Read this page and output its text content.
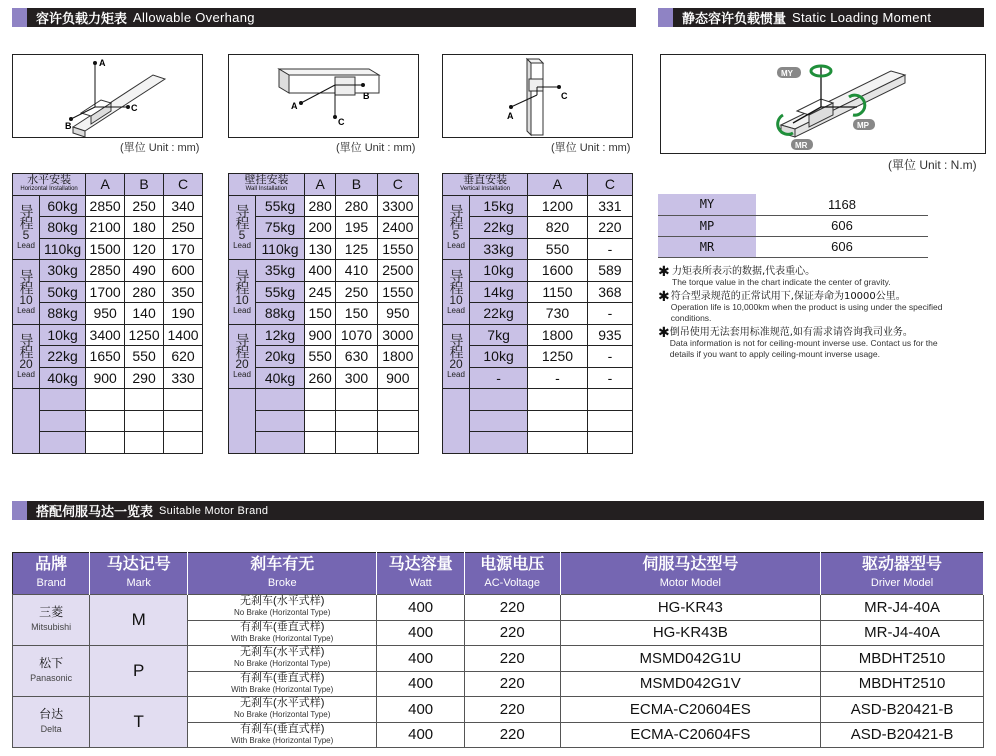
容许负载力矩表 Allowable Overhang	静态容许负载惯量 Static Loading Moment
搭配伺服马达一览表 Suitable Motor Brand
A
C
B
(單位 Unit : mm)
C
B
A
(單位 Unit : mm)
C
A
(單位 Unit : mm)
MY
MP
MR
(單位 Unit : N.m)
水平安装
Horizontal Installation		A	B	C
导程
5
Lead	60kg	2850	250	340
	80kg	2100	180	250
	110kg	1500	120	170
导程
10
Lead	30kg	2850	490	600
	50kg	1700	280	350
	88kg	950	140	190
导程
20
Lead	10kg	3400	1250	1400
	22kg	1650	550	620
	40kg	900	290	330

壁挂安装
Wall Installation		A	B	C
导程
5
Lead	55kg	280	280	3300
	75kg	200	195	2400
	110kg	130	125	1550
导程
10
Lead	35kg	400	410	2500
	55kg	245	250	1550
	88kg	150	150	950
导程
20
Lead	12kg	900	1070	3000
	20kg	550	630	1800
	40kg	260	300	900

垂直安装
Vertical Installation		A	C
导程
5
Lead	15kg	1200	331
	22kg	820	220
	33kg	550	-
导程
10
Lead	10kg	1600	589
	14kg	1150	368
	22kg	730	-
导程
20
Lead	7kg	1800	935
	10kg	1250	-
	-	-	-

MY	1168
MP	606
MR	606
✱ 力矩表所表示的数据,代表重心。
The torque value in the chart indicate the center of gravity.
✱ 符合型录规范的正常试用下,保证寿命为10000公里。
Operation life is 10,000km when the product is using under the specified conditions.
✱ 倒吊使用无法套用标准规范,如有需求请咨询我司业务。
Data information is not for ceiling-mount inverse use. Contact us for the details if you want to apply ceiling-mount inverse usage.
品牌
Brand	马达记号
Mark	刹车有无
Broke	马达容量
Watt	电源电压
AC-Voltage	伺服马达型号
Motor Model	驱动器型号
Driver Model

三菱
Mitsubishi	M	无刹车(水平式样)
No Brake (Horizontal Type)	400	220	HG-KR43	MR-J4-40A
		有刹车(垂直式样)
With Brake (Horizontal Type)	400	220	HG-KR43B	MR-J4-40A
松下
Panasonic	P	无刹车(水平式样)
No Brake (Horizontal Type)	400	220	MSMD042G1U	MBDHT2510
		有刹车(垂直式样)
With Brake (Horizontal Type)	400	220	MSMD042G1V	MBDHT2510
台达
Delta	T	无刹车(水平式样)
No Brake (Horizontal Type)	400	220	ECMA-C20604ES	ASD-B20421-B
		有刹车(垂直式样)
With Brake (Horizontal Type)	400	220	ECMA-C20604FS	ASD-B20421-B
